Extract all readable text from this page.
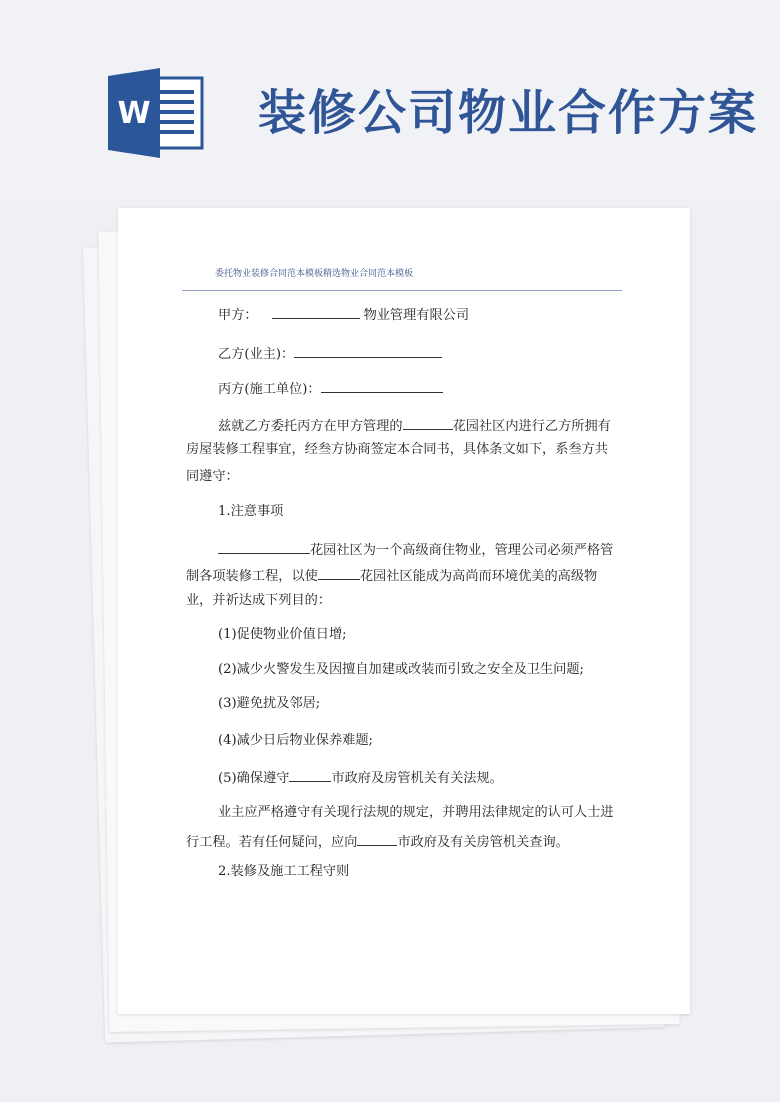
W 装修公司物业合作方案
委托物业装修合同范本模板精选物业合同范本模板
甲方：	物业管理有限公司
乙方(业主)：
丙方(施工单位)：
兹就乙方委托丙方在甲方管理的	花园社区内进行乙方所拥有
房屋装修工程事宜，经叁方协商签定本合同书，具体条文如下，系叁方共
同遵守：
1.注意事项
花园社区为一个高级商住物业，管理公司必须严格管
制各项装修工程，以使	花园社区能成为高尚而环境优美的高级物
业，并祈达成下列目的：
(1)促使物业价值日增;
(2)减少火警发生及因擅自加建或改装而引致之安全及卫生问题;
(3)避免扰及邻居;
(4)减少日后物业保养难题;
(5)确保遵守	市政府及房管机关有关法规。
业主应严格遵守有关现行法规的规定，并聘用法律规定的认可人士进
行工程。若有任何疑问，应向	市政府及有关房管机关查询。
2.装修及施工工程守则
